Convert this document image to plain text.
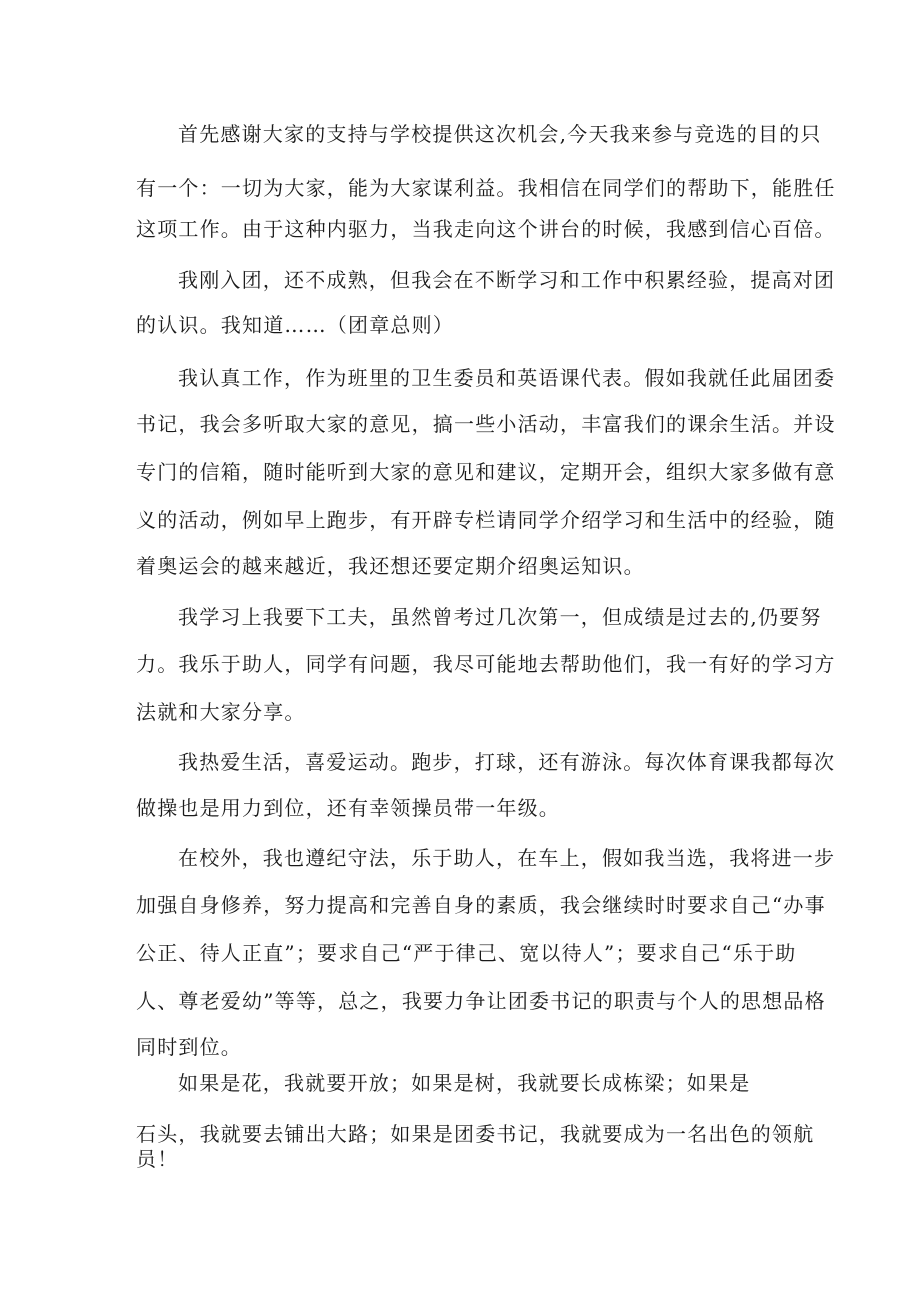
首先感谢大家的支持与学校提供这次机会,今天我来参与竞选的目的只
有一个：一切为大家，能为大家谋利益。我相信在同学们的帮助下，能胜任
这项工作。由于这种内驱力，当我走向这个讲台的时候，我感到信心百倍。
我刚入团，还不成熟，但我会在不断学习和工作中积累经验，提高对团
的认识。我知道……（团章总则）
我认真工作，作为班里的卫生委员和英语课代表。假如我就任此届团委
书记，我会多听取大家的意见，搞一些小活动，丰富我们的课余生活。并设
专门的信箱，随时能听到大家的意见和建议，定期开会，组织大家多做有意
义的活动，例如早上跑步，有开辟专栏请同学介绍学习和生活中的经验，随
着奥运会的越来越近，我还想还要定期介绍奥运知识。
我学习上我要下工夫，虽然曾考过几次第一，但成绩是过去的,仍要努
力。我乐于助人，同学有问题，我尽可能地去帮助他们，我一有好的学习方
法就和大家分享。
我热爱生活，喜爱运动。跑步，打球，还有游泳。每次体育课我都每次
做操也是用力到位，还有幸领操员带一年级。
在校外，我也遵纪守法，乐于助人，在车上，假如我当选，我将进一步
加强自身修养，努力提高和完善自身的素质，我会继续时时要求自己“办事
公正、待人正直”；要求自己“严于律己、宽以待人”；要求自己“乐于助
人、尊老爱幼”等等，总之，我要力争让团委书记的职责与个人的思想品格
同时到位。
如果是花，我就要开放；如果是树，我就要长成栋梁；如果是
石头，我就要去铺出大路；如果是团委书记，我就要成为一名出色的领航
员！
